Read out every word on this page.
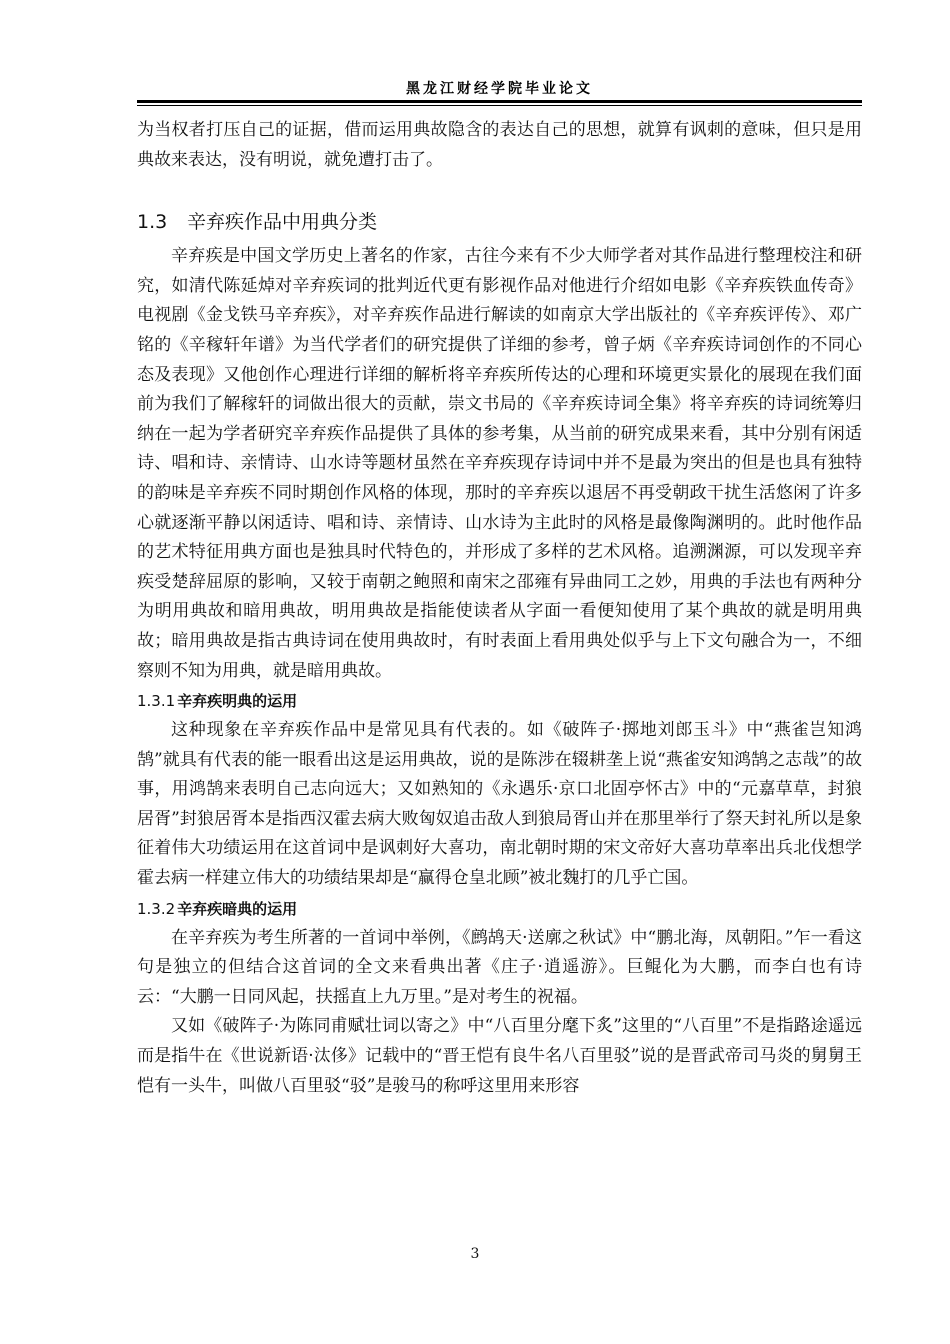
黑龙江财经学院毕业论文

为当权者打压自己的证据，借而运用典故隐含的表达自己的思想，就算有讽刺的意味，但只是用典故来表达，没有明说，就免遭打击了。

1.3 辛弃疾作品中用典分类

辛弃疾是中国文学历史上著名的作家，古往今来有不少大师学者对其作品进行整理校注和研究，如清代陈延焯对辛弃疾词的批判近代更有影视作品对他进行介绍如电影《辛弃疾铁血传奇》电视剧《金戈铁马辛弃疾》，对辛弃疾作品进行解读的如南京大学出版社的《辛弃疾评传》、邓广铭的《辛稼轩年谱》为当代学者们的研究提供了详细的参考，曾子炳《辛弃疾诗词创作的不同心态及表现》又他创作心理进行详细的解析将辛弃疾所传达的心理和环境更实景化的展现在我们面前为我们了解稼轩的词做出很大的贡献，崇文书局的《辛弃疾诗词全集》将辛弃疾的诗词统筹归纳在一起为学者研究辛弃疾作品提供了具体的参考集，从当前的研究成果来看，其中分别有闲适诗、唱和诗、亲情诗、山水诗等题材虽然在辛弃疾现存诗词中并不是最为突出的但是也具有独特的韵味是辛弃疾不同时期创作风格的体现，那时的辛弃疾以退居不再受朝政干扰生活悠闲了许多心就逐渐平静以闲适诗、唱和诗、亲情诗、山水诗为主此时的风格是最像陶渊明的。此时他作品的艺术特征用典方面也是独具时代特色的，并形成了多样的艺术风格。追溯渊源，可以发现辛弃疾受楚辞屈原的影响，又较于南朝之鲍照和南宋之邵雍有异曲同工之妙，用典的手法也有两种分为明用典故和暗用典故，明用典故是指能使读者从字面一看便知使用了某个典故的就是明用典故；暗用典故是指古典诗词在使用典故时，有时表面上看用典处似乎与上下文句融合为一，不细察则不知为用典，就是暗用典故。

1.3.1 辛弃疾明典的运用

这种现象在辛弃疾作品中是常见具有代表的。如《破阵子·掷地刘郎玉斗》中“燕雀岂知鸿鹄”就具有代表的能一眼看出这是运用典故，说的是陈涉在辍耕垄上说“燕雀安知鸿鹄之志哉”的故事，用鸿鹄来表明自己志向远大；又如熟知的《永遇乐·京口北固亭怀古》中的“元嘉草草，封狼居胥”封狼居胥本是指西汉霍去病大败匈奴追击敌人到狼局胥山并在那里举行了祭天封礼所以是象征着伟大功绩运用在这首词中是讽刺好大喜功，南北朝时期的宋文帝好大喜功草率出兵北伐想学霍去病一样建立伟大的功绩结果却是“赢得仓皇北顾”被北魏打的几乎亡国。

1.3.2 辛弃疾暗典的运用

在辛弃疾为考生所著的一首词中举例，《鹧鸪天·送廓之秋试》中“鹏北海，凤朝阳。”乍一看这句是独立的但结合这首词的全文来看典出著《庄子·逍遥游》。巨鲲化为大鹏，而李白也有诗云：“大鹏一日同风起，扶摇直上九万里。”是对考生的祝福。

又如《破阵子·为陈同甫赋壮词以寄之》中“八百里分麾下炙”这里的“八百里”不是指路途遥远而是指牛在《世说新语·汰侈》记载中的“晋王恺有良牛名八百里驳”说的是晋武帝司马炎的舅舅王恺有一头牛，叫做八百里驳“驳”是骏马的称呼这里用来形容

3
